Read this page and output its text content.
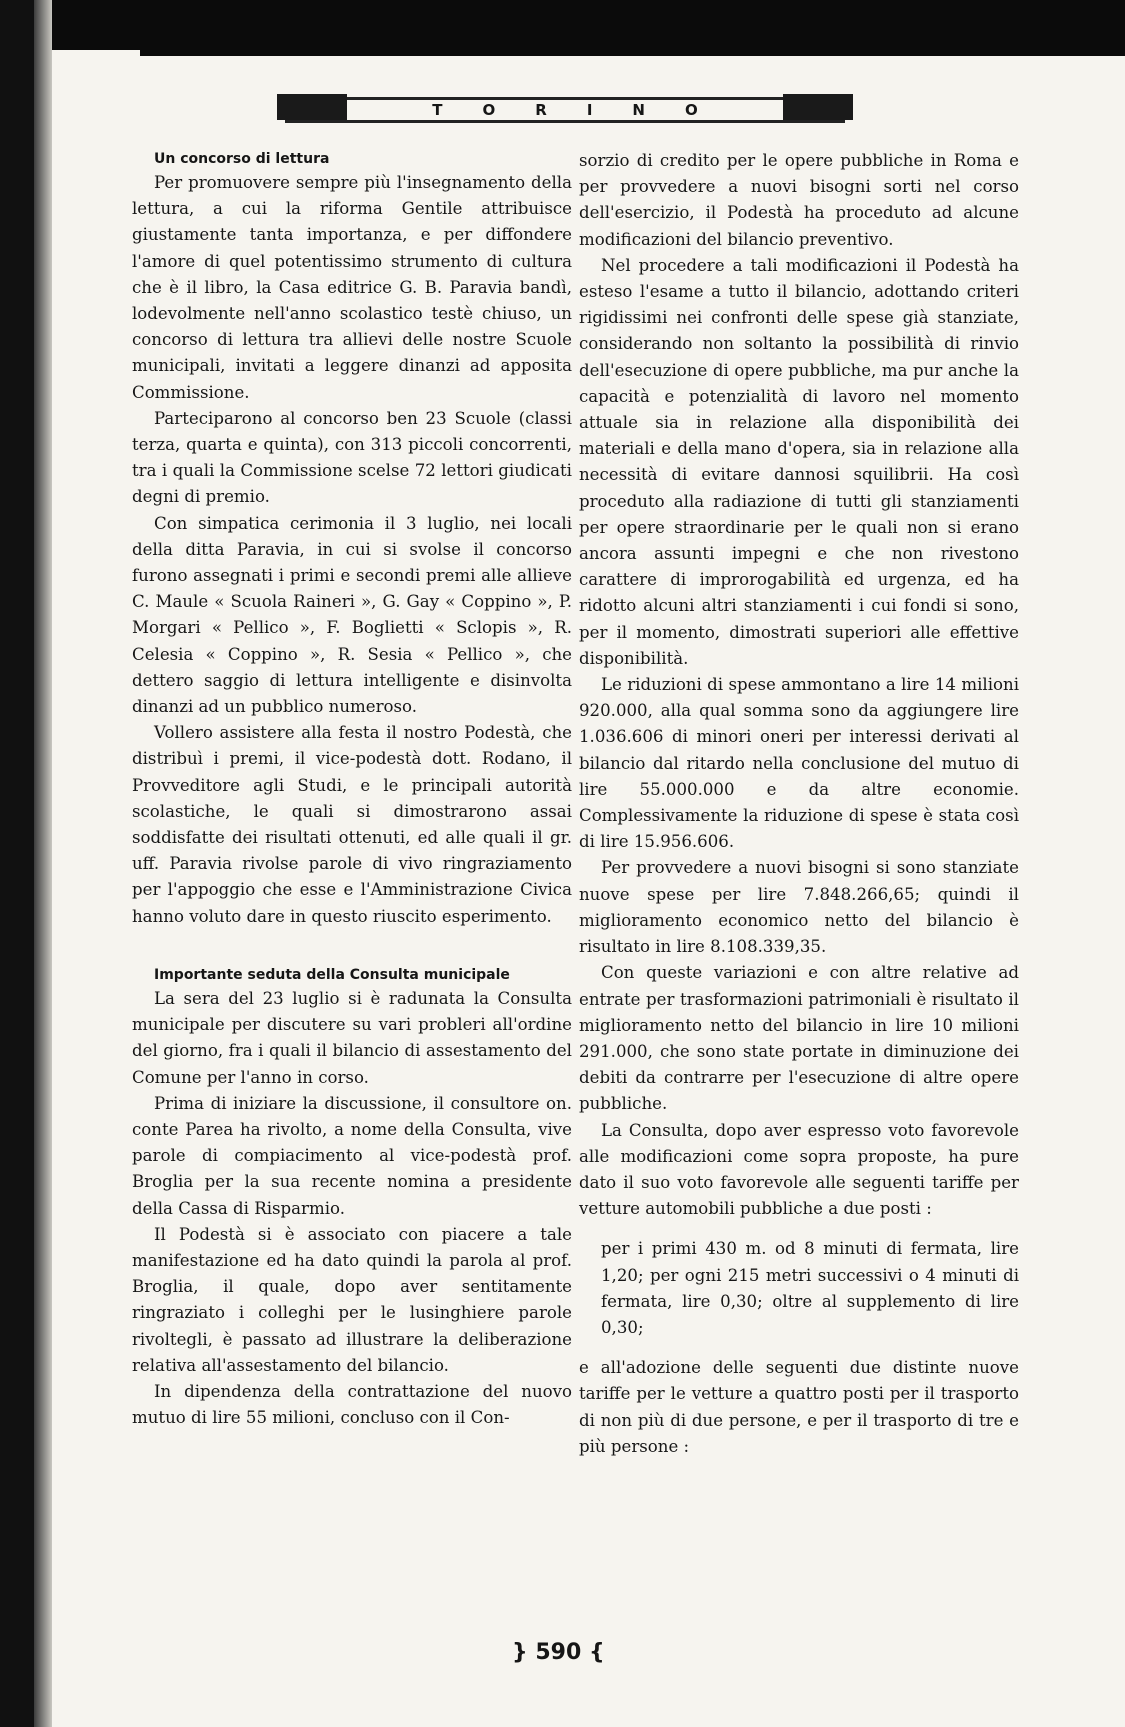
TORINO

Un concorso di lettura

Per promuovere sempre più l'insegnamento della lettura, a cui la riforma Gentile attribuisce giustamente tanta importanza, e per diffondere l'amore di quel potentissimo strumento di cultura che è il libro, la Casa editrice G. B. Paravia bandì, lodevolmente nell'anno scolastico testè chiuso, un concorso di lettura tra allievi delle nostre Scuole municipali, invitati a leggere dinanzi ad apposita Commissione.

Parteciparono al concorso ben 23 Scuole (classi terza, quarta e quinta), con 313 piccoli concorrenti, tra i quali la Commissione scelse 72 lettori giudicati degni di premio.

Con simpatica cerimonia il 3 luglio, nei locali della ditta Paravia, in cui si svolse il concorso furono assegnati i primi e secondi premi alle allieve C. Maule « Scuola Raineri », G. Gay « Coppino », P. Morgari « Pellico », F. Boglietti « Sclopis », R. Celesia « Coppino », R. Sesia « Pellico », che dettero saggio di lettura intelligente e disinvolta dinanzi ad un pubblico numeroso.

Vollero assistere alla festa il nostro Podestà, che distribuì i premi, il vice-podestà dott. Rodano, il Provveditore agli Studi, e le principali autorità scolastiche, le quali si dimostrarono assai soddisfatte dei risultati ottenuti, ed alle quali il gr. uff. Paravia rivolse parole di vivo ringraziamento per l'appoggio che esse e l'Amministrazione Civica hanno voluto dare in questo riuscito esperimento.

Importante seduta della Consulta municipale

La sera del 23 luglio si è radunata la Consulta municipale per discutere su vari probleri all'ordine del giorno, fra i quali il bilancio di assestamento del Comune per l'anno in corso.

Prima di iniziare la discussione, il consultore on. conte Parea ha rivolto, a nome della Consulta, vive parole di compiacimento al vice-podestà prof. Broglia per la sua recente nomina a presidente della Cassa di Risparmio.

Il Podestà si è associato con piacere a tale manifestazione ed ha dato quindi la parola al prof. Broglia, il quale, dopo aver sentitamente ringraziato i colleghi per le lusinghiere parole rivoltegli, è passato ad illustrare la deliberazione relativa all'assestamento del bilancio.

In dipendenza della contrattazione del nuovo mutuo di lire 55 milioni, concluso con il Con-

sorzio di credito per le opere pubbliche in Roma e per provvedere a nuovi bisogni sorti nel corso dell'esercizio, il Podestà ha proceduto ad alcune modificazioni del bilancio preventivo.

Nel procedere a tali modificazioni il Podestà ha esteso l'esame a tutto il bilancio, adottando criteri rigidissimi nei confronti delle spese già stanziate, considerando non soltanto la possibilità di rinvio dell'esecuzione di opere pubbliche, ma pur anche la capacità e potenzialità di lavoro nel momento attuale sia in relazione alla disponibilità dei materiali e della mano d'opera, sia in relazione alla necessità di evitare dannosi squilibrii. Ha così proceduto alla radiazione di tutti gli stanziamenti per opere straordinarie per le quali non si erano ancora assunti impegni e che non rivestono carattere di improrogabilità ed urgenza, ed ha ridotto alcuni altri stanziamenti i cui fondi si sono, per il momento, dimostrati superiori alle effettive disponibilità.

Le riduzioni di spese ammontano a lire 14 milioni 920.000, alla qual somma sono da aggiungere lire 1.036.606 di minori oneri per interessi derivati al bilancio dal ritardo nella conclusione del mutuo di lire 55.000.000 e da altre economie. Complessivamente la riduzione di spese è stata così di lire 15.956.606.

Per provvedere a nuovi bisogni si sono stanziate nuove spese per lire 7.848.266,65; quindi il miglioramento economico netto del bilancio è risultato in lire 8.108.339,35.

Con queste variazioni e con altre relative ad entrate per trasformazioni patrimoniali è risultato il miglioramento netto del bilancio in lire 10 milioni 291.000, che sono state portate in diminuzione dei debiti da contrarre per l'esecuzione di altre opere pubbliche.

La Consulta, dopo aver espresso voto favorevole alle modificazioni come sopra proposte, ha pure dato il suo voto favorevole alle seguenti tariffe per vetture automobili pubbliche a due posti :

per i primi 430 m. od 8 minuti di fermata, lire 1,20; per ogni 215 metri successivi o 4 minuti di fermata, lire 0,30; oltre al supplemento di lire 0,30;

e all'adozione delle seguenti due distinte nuove tariffe per le vetture a quattro posti per il trasporto di non più di due persone, e per il trasporto di tre e più persone :

} 590 {
